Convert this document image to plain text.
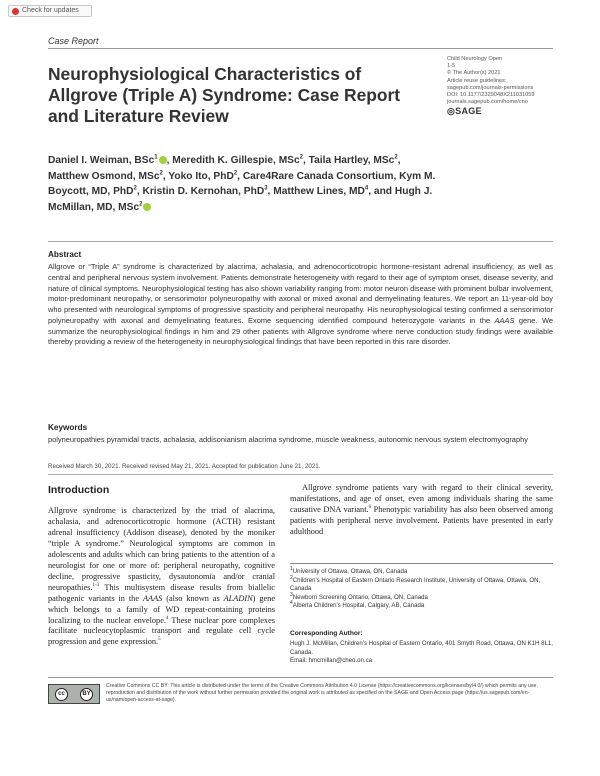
Check for updates
Case Report
Child Neurology Open
1-5
© The Author(s) 2021
Article reuse guidelines:
sagepub.com/journals-permissions
DOI: 10.1177/2329048X211031059
journals.sagepub.com/home/cno
◎SAGE
Neurophysiological Characteristics of Allgrove (Triple A) Syndrome: Case Report and Literature Review
Daniel I. Weiman, BSc$^1$ , Meredith K. Gillespie, MSc$^2$, Taila Hartley, MSc$^2$, Matthew Osmond, MSc$^2$, Yoko Ito, PhD$^2$, Care4Rare Canada Consortium, Kym M. Boycott, MD, PhD$^2$, Kristin D. Kernohan, PhD$^3$, Matthew Lines, $MD^4$, and Hugh J. McMillan, MD, MSc$^2$
Abstract
Allgrove or “Triple A” syndrome is characterized by alacrima, achalasia, and adrenocorticotropic hormone-resistant adrenal insufficiency, as well as central and peripheral nervous system involvement. Patients demonstrate heterogeneity with regard to their age of symptom onset, disease severity, and nature of clinical symptoms. Neurophysiological testing has also shown variability ranging from: motor neuron disease with prominent bulbar involvement, motor-predominant neuropathy, or sensorimotor polyneuropathy with axonal or mixed axonal and demyelinating features. We report an 11-year-old boy who presented with neurological symptoms of progressive spasticity and peripheral neuropathy. His neurophysiological testing confirmed a sensorimotor polyneuropathy with axonal and demyelinating features. Exome sequencing identified compound heterozygote variants in the AAAS gene. We summarize the neurophysiological findings in him and 29 other patients with Allgrove syndrome where nerve conduction study findings were available thereby providing a review of the heterogeneity in neurophysiological findings that have been reported in this rare disorder.
Keywords
polyneuropathies pyramidal tracts, achalasia, addisonianism alacrima syndrome, muscle weakness, autonomic nervous system electromyography
Received March 30, 2021. Received revised May 21, 2021. Accepted for publication June 21, 2021.
Introduction
Allgrove syndrome is characterized by the triad of alacrima, achalasia, and adrenocorticotropic hormone (ACTH) resistant adrenal insufficiency (Addison disease), denoted by the moniker “triple A syndrome.” Neurological symptoms are common in adolescents and adults which can bring patients to the attention of a neurologist for one or more of: peripheral neuropathy, cognitive decline, progressive spasticity, dysautonomia and/or cranial neuropathies.$^{1-3}$ This multisystem disease results from biallelic pathogenic variants in the AAAS (also known as ALADIN) gene which belongs to a family of WD repeat-containing proteins localizing to the nuclear envelope.$^4$ These nuclear pore complexes facilitate nucleocytoplasmic transport and regulate cell cycle progression and gene expression.$^5$
Allgrove syndrome patients vary with regard to their clinical severity, manifestations, and age of onset, even among individuals sharing the same causative DNA variant.$^6$ Phenotypic variability has also been observed among patients with peripheral nerve involvement. Patients have presented in early adulthood
$^1$University of Ottawa, Ottawa, ON, Canada
$^2$Children's Hospital of Eastern Ontario Research Institute, University of Ottawa, Ottawa, ON, Canada
$^3$Newborn Screening Ontario, Ottawa, ON, Canada
$^4$Alberta Children's Hospital, Calgary, AB, Canada
Corresponding Author:
Hugh J. McMillan, Children's Hospital of Eastern Ontario, 401 Smyth Road, Ottawa, ON K1H 8L1, Canada.
Email: hmcmillan@cheo.on.ca
cc	BY
Creative Commons CC BY: This article is distributed under the terms of the Creative Commons Attribution 4.0 License (https://creativecommons.org/licenses/by/4.0/) which permits any use, reproduction and distribution of the work without further permission provided the original work is attributed as specified on the SAGE and Open Access page (https://us.sagepub.com/en-us/nam/open-access-at-sage).
